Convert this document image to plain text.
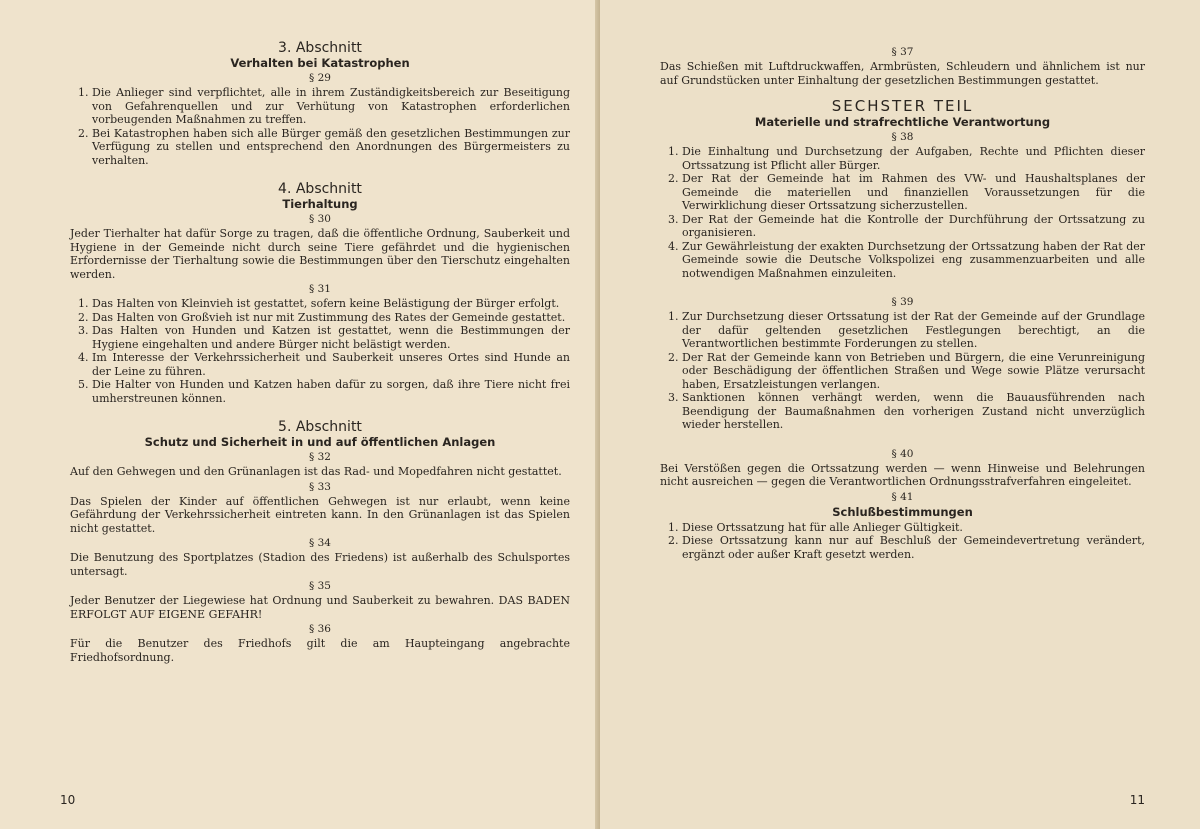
3. Abschnitt
Verhalten bei Katastrophen
§ 29
1. Die Anlieger sind verpflichtet, alle in ihrem Zuständigkeitsbereich zur Beseitigung von Gefahrenquellen und zur Verhütung von Katastrophen erforderlichen vorbeugenden Maßnahmen zu treffen.
2. Bei Katastrophen haben sich alle Bürger gemäß den gesetzlichen Bestimmungen zur Verfügung zu stellen und entsprechend den Anordnungen des Bürgermeisters zu verhalten.
4. Abschnitt
Tierhaltung
§ 30

Jeder Tierhalter hat dafür Sorge zu tragen, daß die öffentliche Ordnung, Sauberkeit und Hygiene in der Gemeinde nicht durch seine Tiere gefährdet und die hygienischen Erfordernisse der Tierhaltung sowie die Bestimmungen über den Tierschutz eingehalten werden.

§ 31
1. Das Halten von Kleinvieh ist gestattet, sofern keine Belästigung der Bürger erfolgt.
2. Das Halten von Großvieh ist nur mit Zustimmung des Rates der Gemeinde gestattet.
3. Das Halten von Hunden und Katzen ist gestattet, wenn die Bestimmungen der Hygiene eingehalten und andere Bürger nicht belästigt werden.
4. Im Interesse der Verkehrssicherheit und Sauberkeit unseres Ortes sind Hunde an der Leine zu führen.
5. Die Halter von Hunden und Katzen haben dafür zu sorgen, daß ihre Tiere nicht frei umherstreunen können.
5. Abschnitt
Schutz und Sicherheit in und auf öffentlichen Anlagen
§ 32

Auf den Gehwegen und den Grünanlagen ist das Rad- und Mopedfahren nicht gestattet.

§ 33

Das Spielen der Kinder auf öffentlichen Gehwegen ist nur erlaubt, wenn keine Gefährdung der Verkehrssicherheit eintreten kann. In den Grünanlagen ist das Spielen nicht gestattet.

§ 34

Die Benutzung des Sportplatzes (Stadion des Friedens) ist außerhalb des Schulsportes untersagt.

§ 35

Jeder Benutzer der Liegewiese hat Ordnung und Sauberkeit zu bewahren. DAS BADEN ERFOLGT AUF EIGENE GEFAHR!

§ 36

Für die Benutzer des Friedhofs gilt die am Haupteingang angebrachte Friedhofsordnung.

10
§ 37

Das Schießen mit Luftdruckwaffen, Armbrüsten, Schleudern und ähnlichem ist nur auf Grundstücken unter Einhaltung der gesetzlichen Bestimmungen gestattet.

SECHSTER TEIL
Materielle und strafrechtliche Verantwortung
§ 38
1. Die Einhaltung und Durchsetzung der Aufgaben, Rechte und Pflichten dieser Ortssatzung ist Pflicht aller Bürger.
2. Der Rat der Gemeinde hat im Rahmen des VW- und Haushaltsplanes der Gemeinde die materiellen und finanziellen Voraussetzungen für die Verwirklichung dieser Ortssatzung sicherzustellen.
3. Der Rat der Gemeinde hat die Kontrolle der Durchführung der Ortssatzung zu organisieren.
4. Zur Gewährleistung der exakten Durchsetzung der Ortssatzung haben der Rat der Gemeinde sowie die Deutsche Volkspolizei eng zusammenzuarbeiten und alle notwendigen Maßnahmen einzuleiten.
§ 39
1. Zur Durchsetzung dieser Ortssatung ist der Rat der Gemeinde auf der Grundlage der dafür geltenden gesetzlichen Festlegungen berechtigt, an die Verantwortlichen bestimmte Forderungen zu stellen.
2. Der Rat der Gemeinde kann von Betrieben und Bürgern, die eine Verunreinigung oder Beschädigung der öffentlichen Straßen und Wege sowie Plätze verursacht haben, Ersatzleistungen verlangen.
3. Sanktionen können verhängt werden, wenn die Bauausführenden nach Beendigung der Baumaßnahmen den vorherigen Zustand nicht unverzüglich wieder herstellen.
§ 40

Bei Verstößen gegen die Ortssatzung werden — wenn Hinweise und Belehrungen nicht ausreichen — gegen die Verantwortlichen Ordnungsstrafverfahren eingeleitet.

§ 41
Schlußbestimmungen
1. Diese Ortssatzung hat für alle Anlieger Gültigkeit.
2. Diese Ortssatzung kann nur auf Beschluß der Gemeindevertretung verändert, ergänzt oder außer Kraft gesetzt werden.
11
